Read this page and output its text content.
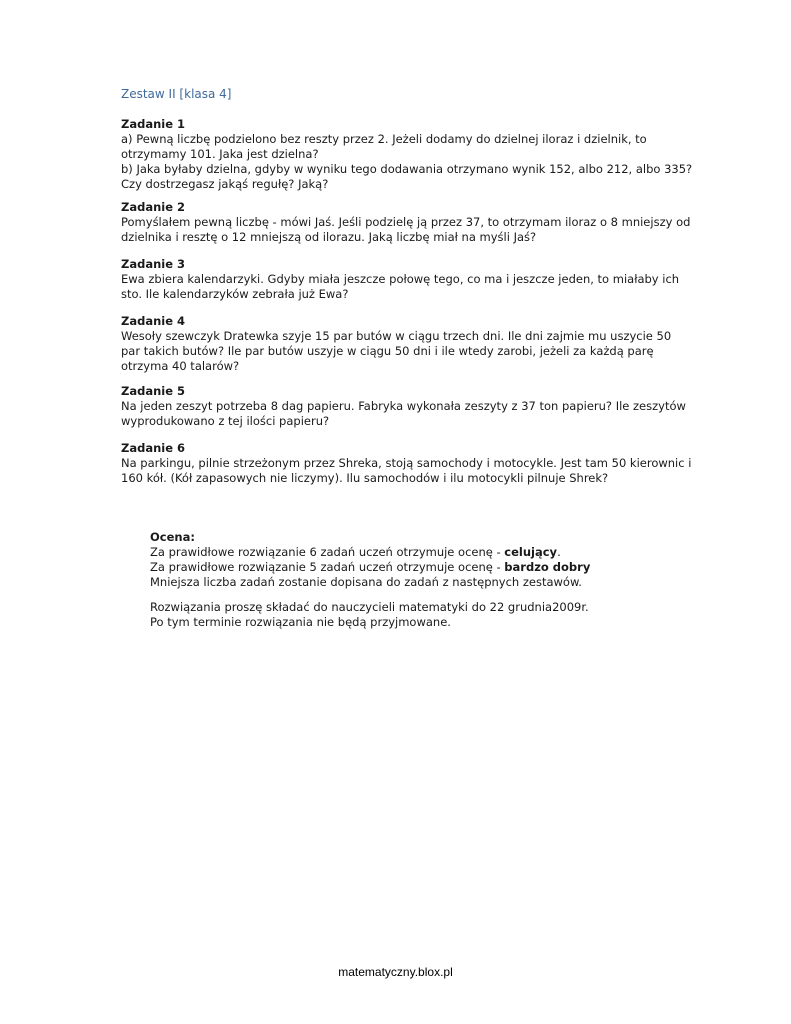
Zestaw II [klasa 4]
Zadanie 1
a) Pewną liczbę podzielono bez reszty przez 2. Jeżeli dodamy do dzielnej iloraz i dzielnik, to
otrzymamy 101. Jaka jest dzielna?
b) Jaka byłaby dzielna, gdyby w wyniku tego dodawania otrzymano wynik 152, albo 212, albo 335?
Czy dostrzegasz jakąś regułę? Jaką?
Zadanie 2
Pomyślałem pewną liczbę - mówi Jaś. Jeśli podzielę ją przez 37, to otrzymam iloraz o 8 mniejszy od
dzielnika i resztę o 12 mniejszą od ilorazu. Jaką liczbę miał na myśli Jaś?
Zadanie 3
Ewa zbiera kalendarzyki. Gdyby miała jeszcze połowę tego, co ma i jeszcze jeden, to miałaby ich
sto. Ile kalendarzyków zebrała już Ewa?
Zadanie 4
Wesoły szewczyk Dratewka szyje 15 par butów w ciągu trzech dni. Ile dni zajmie mu uszycie 50
par takich butów? Ile par butów uszyje w ciągu 50 dni i ile wtedy zarobi, jeżeli za każdą parę
otrzyma 40 talarów?
Zadanie 5
Na jeden zeszyt potrzeba 8 dag papieru. Fabryka wykonała zeszyty z 37 ton papieru? Ile zeszytów
wyprodukowano z tej ilości papieru?
Zadanie 6
Na parkingu, pilnie strzeżonym przez Shreka, stoją samochody i motocykle. Jest tam 50 kierownic i
160 kół. (Kół zapasowych nie liczymy). Ilu samochodów i ilu motocykli pilnuje Shrek?
Ocena:
Za prawidłowe rozwiązanie 6 zadań uczeń otrzymuje ocenę - celujący.
Za prawidłowe rozwiązanie 5 zadań uczeń otrzymuje ocenę - bardzo dobry
Mniejsza liczba zadań zostanie dopisana do zadań z następnych zestawów.
Rozwiązania proszę składać do nauczycieli matematyki do 22 grudnia2009r.
Po tym terminie rozwiązania nie będą przyjmowane.
matematyczny.blox.pl
